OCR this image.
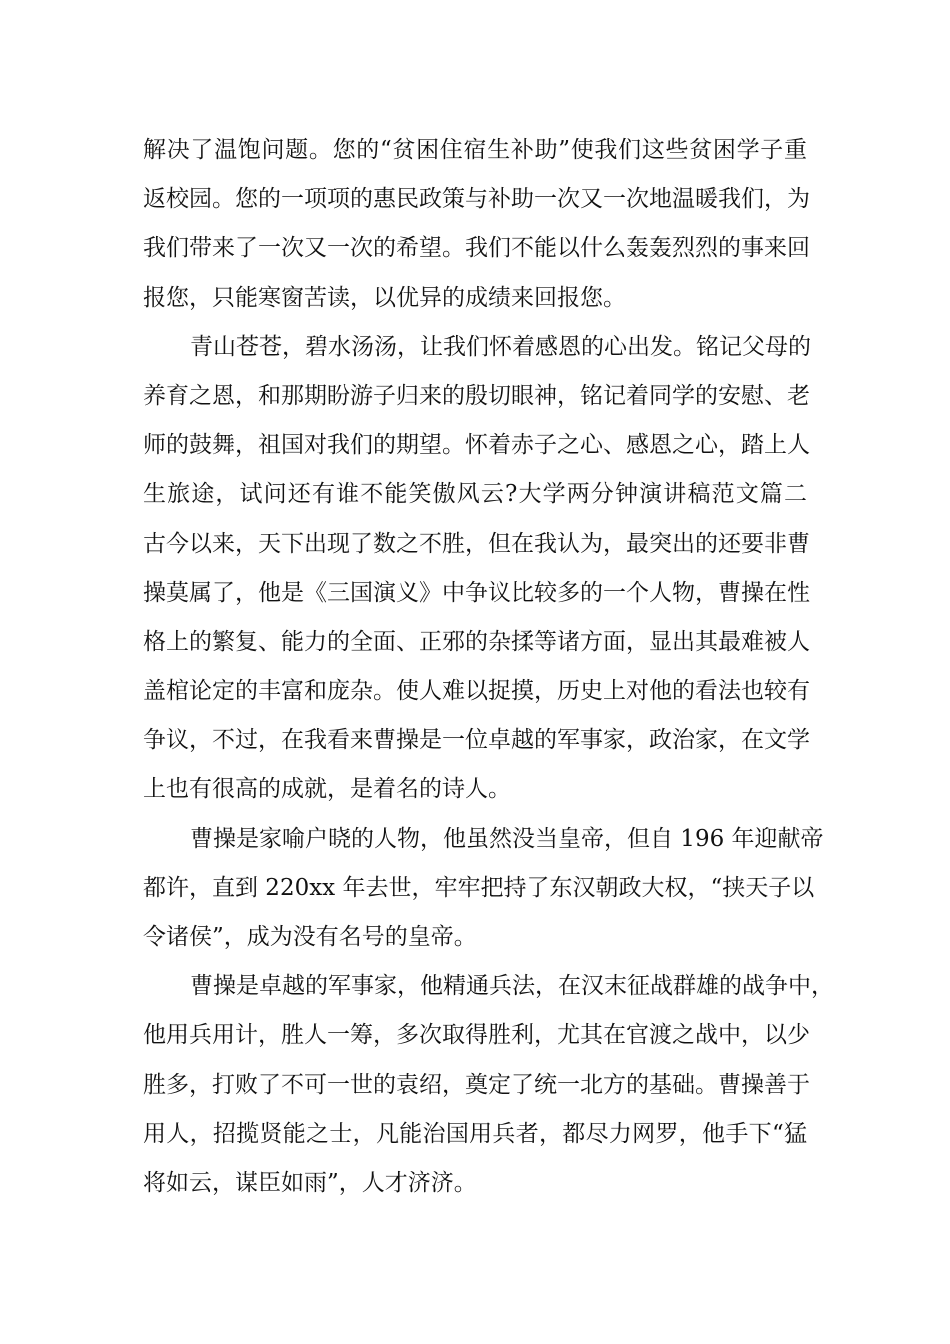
解决了温饱问题。您的“贫困住宿生补助”使我们这些贫困学子重
返校园。您的一项项的惠民政策与补助一次又一次地温暖我们，为
我们带来了一次又一次的希望。我们不能以什么轰轰烈烈的事来回
报您，只能寒窗苦读，以优异的成绩来回报您。
青山苍苍，碧水汤汤，让我们怀着感恩的心出发。铭记父母的
养育之恩，和那期盼游子归来的殷切眼神，铭记着同学的安慰、老
师的鼓舞，祖国对我们的期望。怀着赤子之心、感恩之心，踏上人
生旅途，试问还有谁不能笑傲风云?大学两分钟演讲稿范文篇二
古今以来，天下出现了数之不胜，但在我认为，最突出的还要非曹
操莫属了，他是《三国演义》中争议比较多的一个人物，曹操在性
格上的繁复、能力的全面、正邪的杂揉等诸方面，显出其最难被人
盖棺论定的丰富和庞杂。使人难以捉摸，历史上对他的看法也较有
争议，不过，在我看来曹操是一位卓越的军事家，政治家，在文学
上也有很高的成就，是着名的诗人。
曹操是家喻户晓的人物，他虽然没当皇帝，但自 196 年迎献帝
都许，直到 220xx 年去世，牢牢把持了东汉朝政大权，“挟天子以
令诸侯”，成为没有名号的皇帝。
曹操是卓越的军事家，他精通兵法，在汉末征战群雄的战争中，
他用兵用计，胜人一筹，多次取得胜利，尤其在官渡之战中，以少
胜多，打败了不可一世的袁绍，奠定了统一北方的基础。曹操善于
用人，招揽贤能之士，凡能治国用兵者，都尽力网罗，他手下“猛
将如云，谋臣如雨”，人才济济。
